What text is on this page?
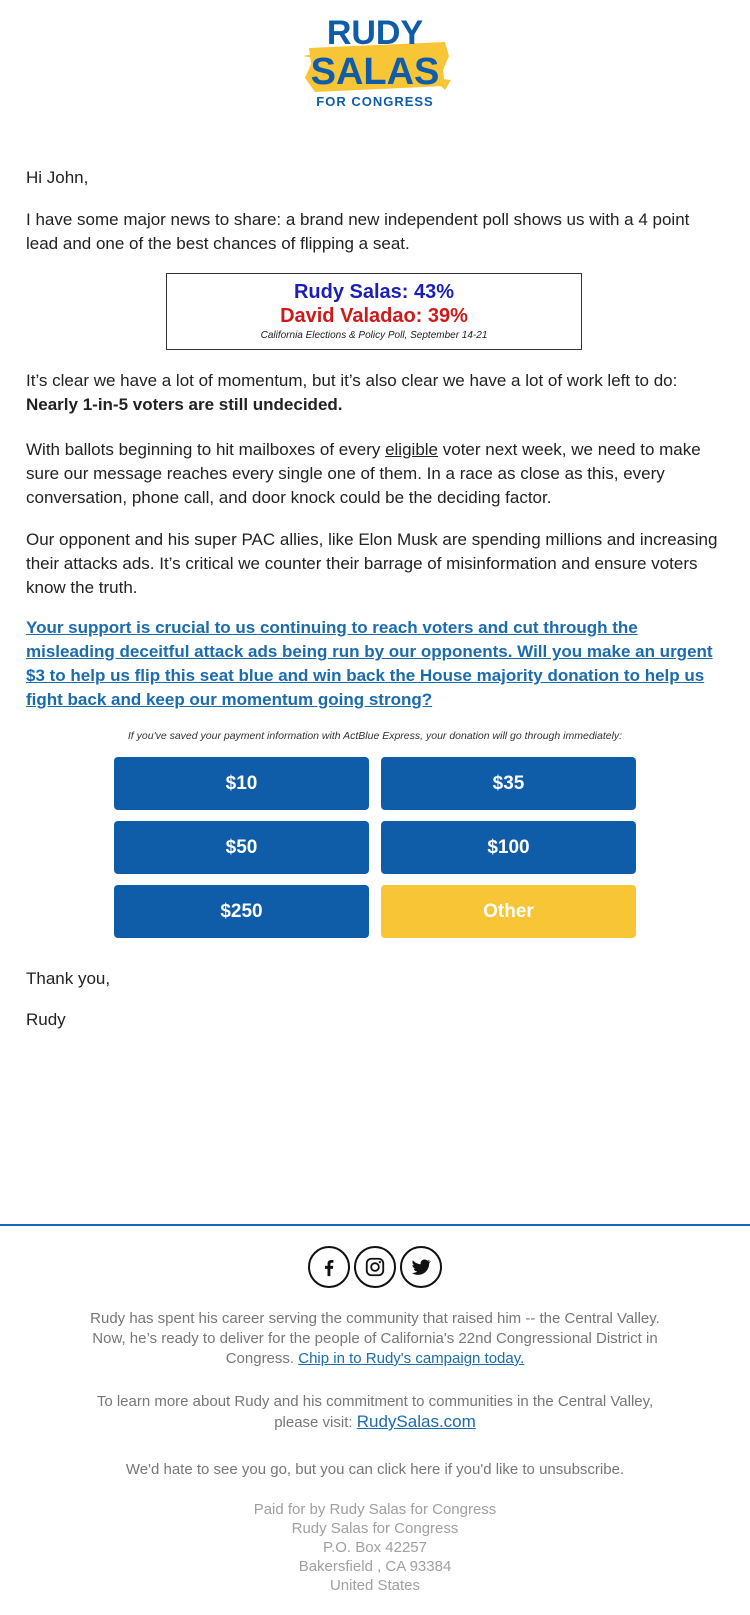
RUDY
SALAS
FOR CONGRESS

Hi John,

I have some major news to share: a brand new independent poll shows us with a 4 point lead and one of the best chances of flipping a seat.

Rudy Salas: 43%
David Valadao: 39%
California Elections & Policy Poll, September 14-21

It’s clear we have a lot of momentum, but it’s also clear we have a lot of work left to do: Nearly 1-in-5 voters are still undecided.

With ballots beginning to hit mailboxes of every eligible voter next week, we need to make sure our message reaches every single one of them. In a race as close as this, every conversation, phone call, and door knock could be the deciding factor.

Our opponent and his super PAC allies, like Elon Musk are spending millions and increasing their attacks ads. It’s critical we counter their barrage of misinformation and ensure voters know the truth.

Your support is crucial to us continuing to reach voters and cut through the misleading deceitful attack ads being run by our opponents. Will you make an urgent $3 to help us flip this seat blue and win back the House majority donation to help us fight back and keep our momentum going strong?

If you've saved your payment information with ActBlue Express, your donation will go through immediately:
$10	$35
$50	$100
$250	Other

Thank you,

Rudy

Rudy has spent his career serving the community that raised him -- the Central Valley. Now, he’s ready to deliver for the people of California's 22nd Congressional District in Congress. Chip in to Rudy's campaign today.

To learn more about Rudy and his commitment to communities in the Central Valley, please visit: RudySalas.com

We'd hate to see you go, but you can click here if you'd like to unsubscribe.

Paid for by Rudy Salas for Congress
Rudy Salas for Congress
P.O. Box 42257
Bakersfield , CA 93384
United States
